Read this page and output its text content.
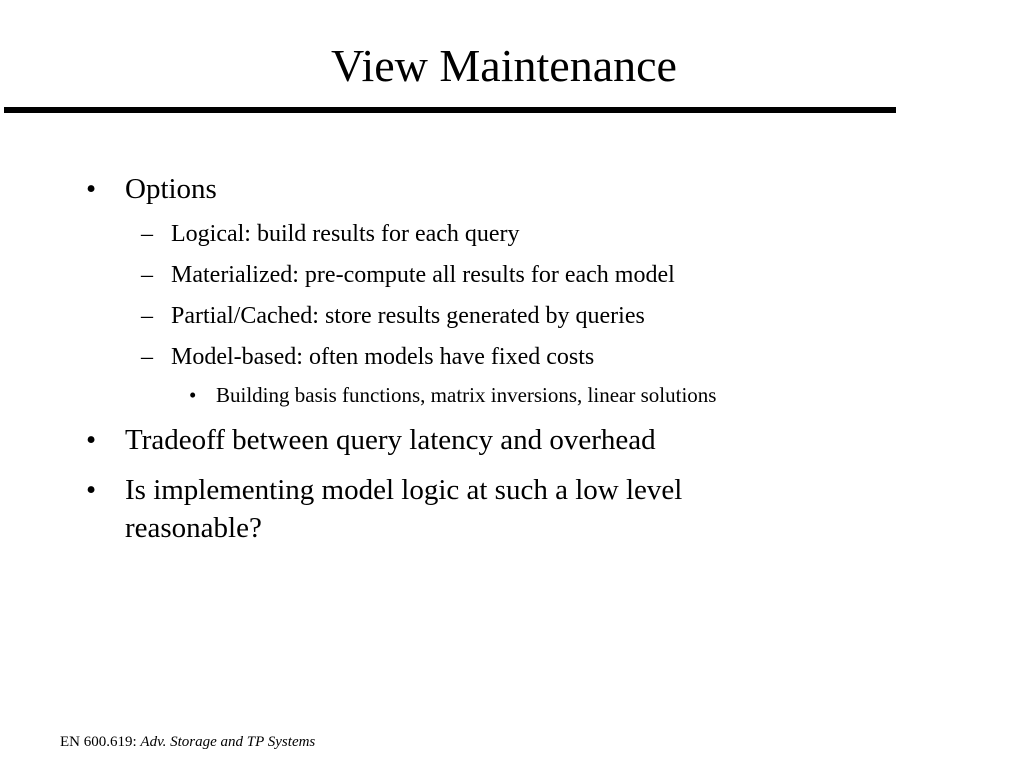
View Maintenance
• Options
– Logical: build results for each query
– Materialized: pre-compute all results for each model
– Partial/Cached: store results generated by queries
– Model-based: often models have fixed costs
• Building basis functions, matrix inversions, linear solutions
• Tradeoff between query latency and overhead
• Is implementing model logic at such a low level
reasonable?
EN 600.619: Adv. Storage and TP Systems
